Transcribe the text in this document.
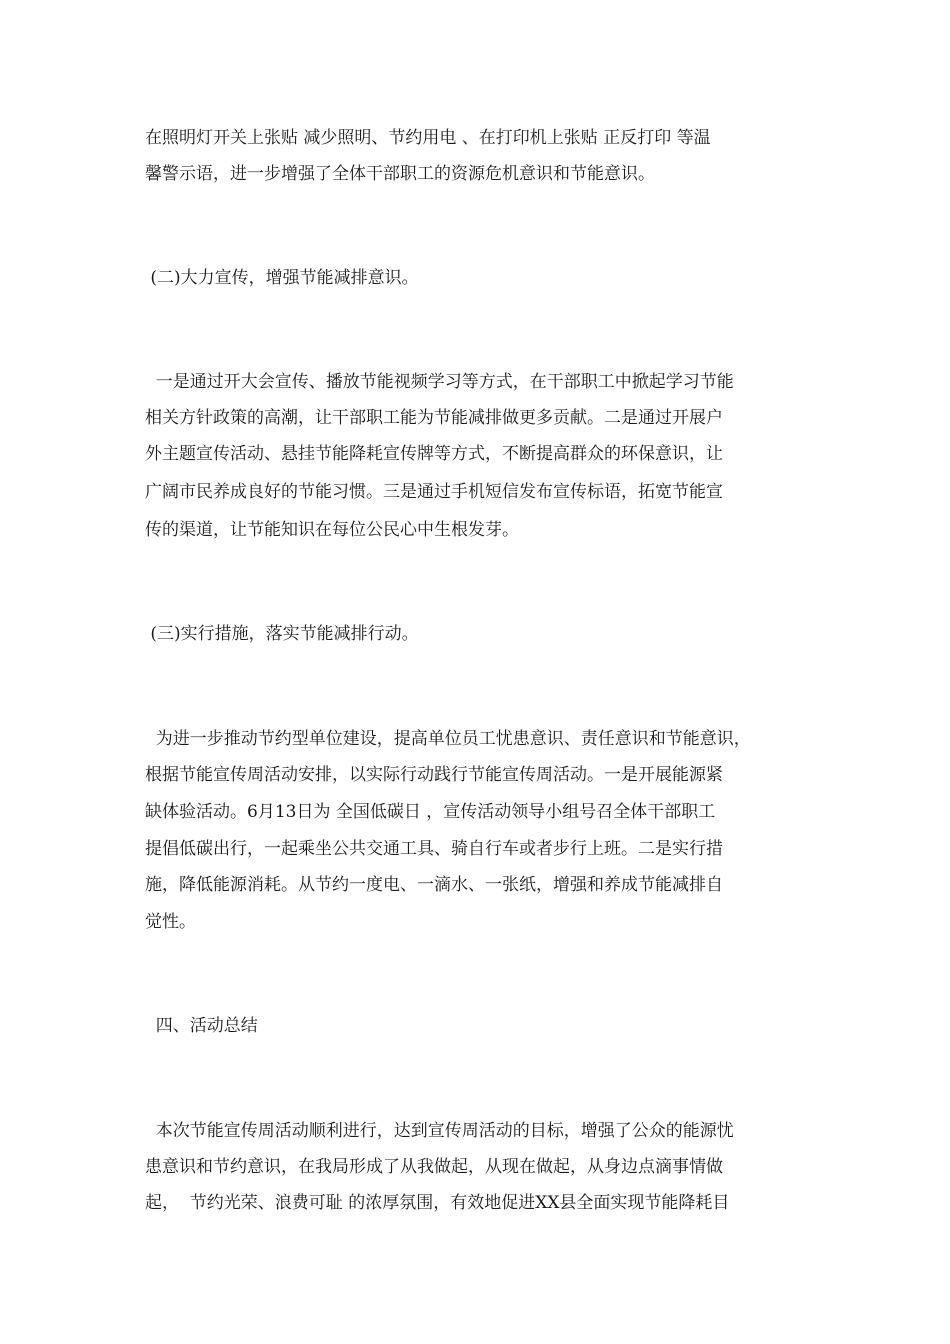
在照明灯开关上张贴 减少照明、节约用电 、在打印机上张贴 正反打印 等温

馨警示语，进一步增强了全体干部职工的资源危机意识和节能意识。

(二)大力宣传，增强节能减排意识。

一是通过开大会宣传、播放节能视频学习等方式，在干部职工中掀起学习节能

相关方针政策的高潮，让干部职工能为节能减排做更多贡献。二是通过开展户

外主题宣传活动、悬挂节能降耗宣传牌等方式，不断提高群众的环保意识，让

广阔市民养成良好的节能习惯。三是通过手机短信发布宣传标语，拓宽节能宣

传的渠道，让节能知识在每位公民心中生根发芽。

(三)实行措施，落实节能减排行动。

为进一步推动节约型单位建设，提高单位员工忧患意识、责任意识和节能意识，

根据节能宣传周活动安排，以实际行动践行节能宣传周活动。一是开展能源紧

缺体验活动。6月13日为 全国低碳日 ，宣传活动领导小组号召全体干部职工

提倡低碳出行，一起乘坐公共交通工具、骑自行车或者步行上班。二是实行措

施，降低能源消耗。从节约一度电、一滴水、一张纸，增强和养成节能减排自

觉性。

四、活动总结

本次节能宣传周活动顺利进行，达到宣传周活动的目标，增强了公众的能源忧

患意识和节约意识，在我局形成了从我做起，从现在做起，从身边点滴事情做

起，  节约光荣、浪费可耻 的浓厚氛围，有效地促进XX县全面实现节能降耗目
